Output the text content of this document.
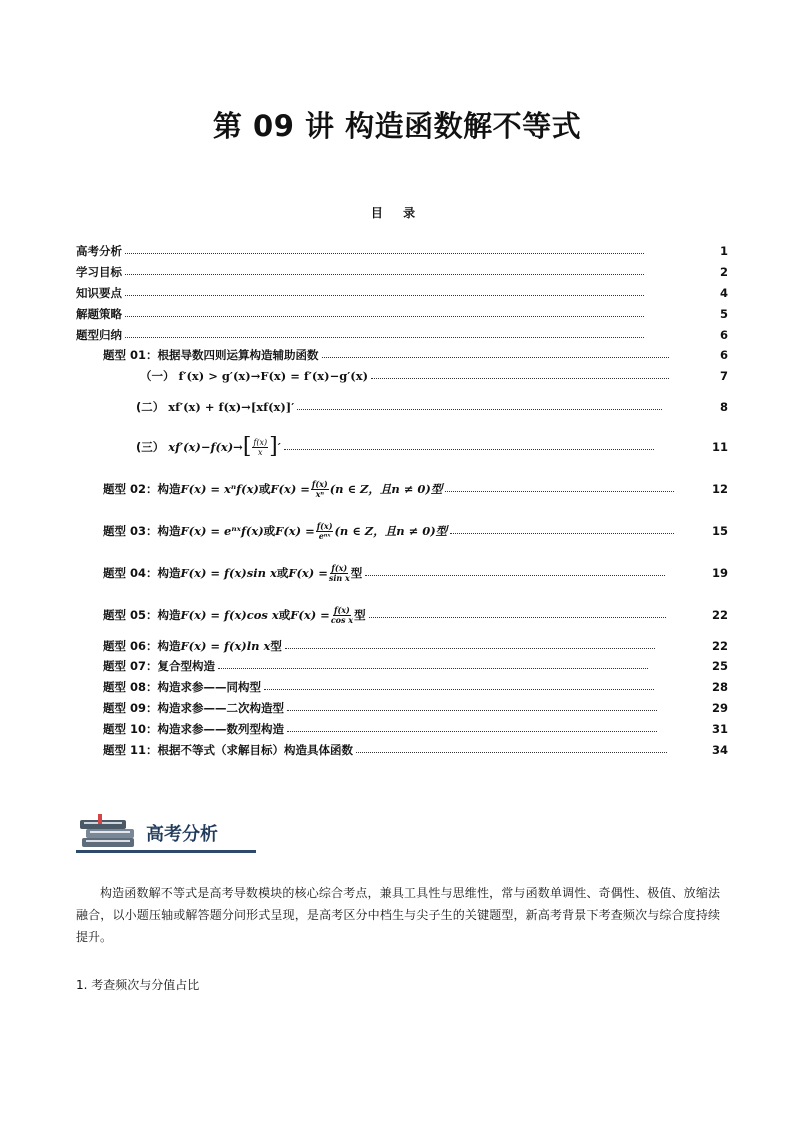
第 09 讲 构造函数解不等式
目 录
高考分析	1
学习目标	2
知识要点	4
解题策略	5
题型归纳	6
题型 01：根据导数四则运算构造辅助函数	6
（一）
f′(x) > g′(x)→F(x) = f′(x)−g′(x)	7
(二）
xf′(x) + f(x)→[xf(x)]′	8
(三）
xf′(x)−f(x)→ [ $\frac{f(x)}{x}$ ] ′	11
题型 02：构造 F(x) = xⁿf(x) 或 $F(x) = \frac{f(x)}{\text{xⁿ}} (n$ ∈ Z，且n ≠ 0)型	12
题型 03：构造 F(x) = eⁿˣf(x) 或 $F(x) = \frac{f(x)}{\text{eⁿˣ}} (n$ ∈ Z，且n ≠ 0)型	15
题型 04：构造 F(x) = f(x)sin x 或 $F(x) = \frac{f(x)}{\text{sin x}}$ 型	19
题型 05：构造 F(x) = f(x)cos x 或 $F(x) = \frac{f(x)}{\text{cos x}}$ 型	22
题型 06：构造 F(x) = f(x)ln x 型	22
题型 07：复合型构造	25
题型 08：构造求参——同构型	28
题型 09：构造求参——二次构造型	29
题型 10：构造求参——数列型构造	31
题型 11：根据不等式（求解目标）构造具体函数	34
高考分析
构造函数解不等式是高考导数模块的核心综合考点，兼具工具性与思维性，常与函数单调性、奇偶性、极值、放缩法融合，以小题压轴或解答题分问形式呈现，是高考区分中档生与尖子生的关键题型，新高考背景下考查频次与综合度持续提升。
1. 考查频次与分值占比
